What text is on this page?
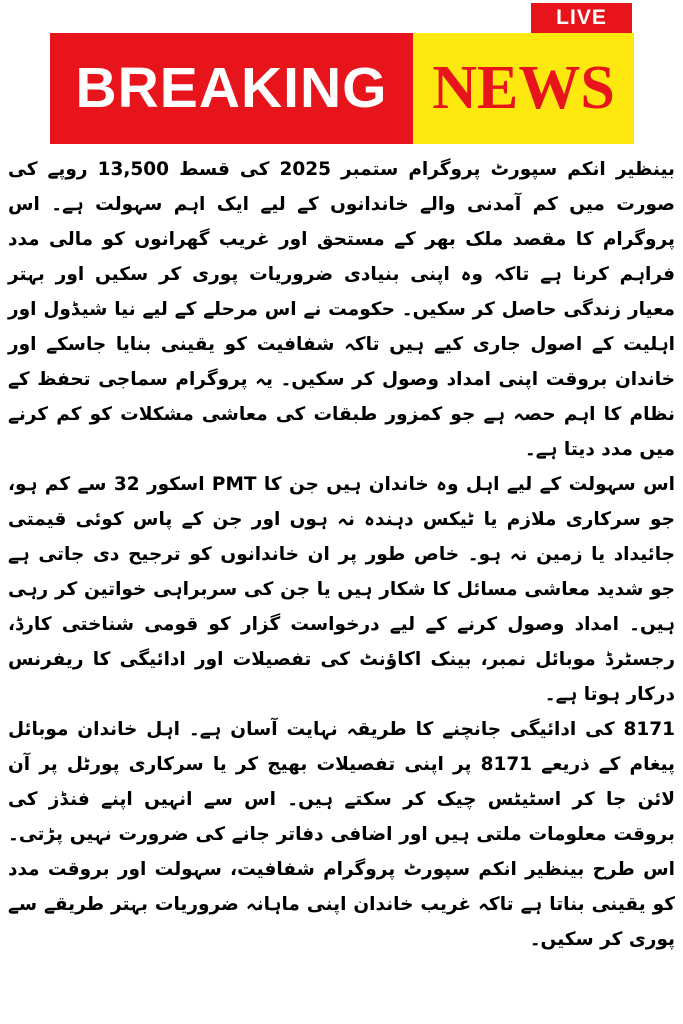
BREAKING NEWS
LIVE

بینظیر انکم سپورٹ پروگرام ستمبر 2025 کی قسط 13,500 روپے کی صورت میں کم آمدنی والے خاندانوں کے لیے ایک اہم سہولت ہے۔ اس پروگرام کا مقصد ملک بھر کے مستحق اور غریب گھرانوں کو مالی مدد فراہم کرنا ہے تاکہ وہ اپنی بنیادی ضروریات پوری کر سکیں اور بہتر معیار زندگی حاصل کر سکیں۔ حکومت نے اس مرحلے کے لیے نیا شیڈول اور اہلیت کے اصول جاری کیے ہیں تاکہ شفافیت کو یقینی بنایا جاسکے اور خاندان بروقت اپنی امداد وصول کر سکیں۔ یہ پروگرام سماجی تحفظ کے نظام کا اہم حصہ ہے جو کمزور طبقات کی معاشی مشکلات کو کم کرنے میں مدد دیتا ہے۔

اس سہولت کے لیے اہل وہ خاندان ہیں جن کا PMT اسکور 32 سے کم ہو، جو سرکاری ملازم یا ٹیکس دہندہ نہ ہوں اور جن کے پاس کوئی قیمتی جائیداد یا زمین نہ ہو۔ خاص طور پر ان خاندانوں کو ترجیح دی جاتی ہے جو شدید معاشی مسائل کا شکار ہیں یا جن کی سربراہی خواتین کر رہی ہیں۔ امداد وصول کرنے کے لیے درخواست گزار کو قومی شناختی کارڈ، رجسٹرڈ موبائل نمبر، بینک اکاؤنٹ کی تفصیلات اور ادائیگی کا ریفرنس درکار ہوتا ہے۔

8171 کی ادائیگی جانچنے کا طریقہ نہایت آسان ہے۔ اہل خاندان موبائل پیغام کے ذریعے 8171 پر اپنی تفصیلات بھیج کر یا سرکاری پورٹل پر آن لائن جا کر اسٹیٹس چیک کر سکتے ہیں۔ اس سے انہیں اپنے فنڈز کی بروقت معلومات ملتی ہیں اور اضافی دفاتر جانے کی ضرورت نہیں پڑتی۔ اس طرح بینظیر انکم سپورٹ پروگرام شفافیت، سہولت اور بروقت مدد کو یقینی بناتا ہے تاکہ غریب خاندان اپنی ماہانہ ضروریات بہتر طریقے سے پوری کر سکیں۔
